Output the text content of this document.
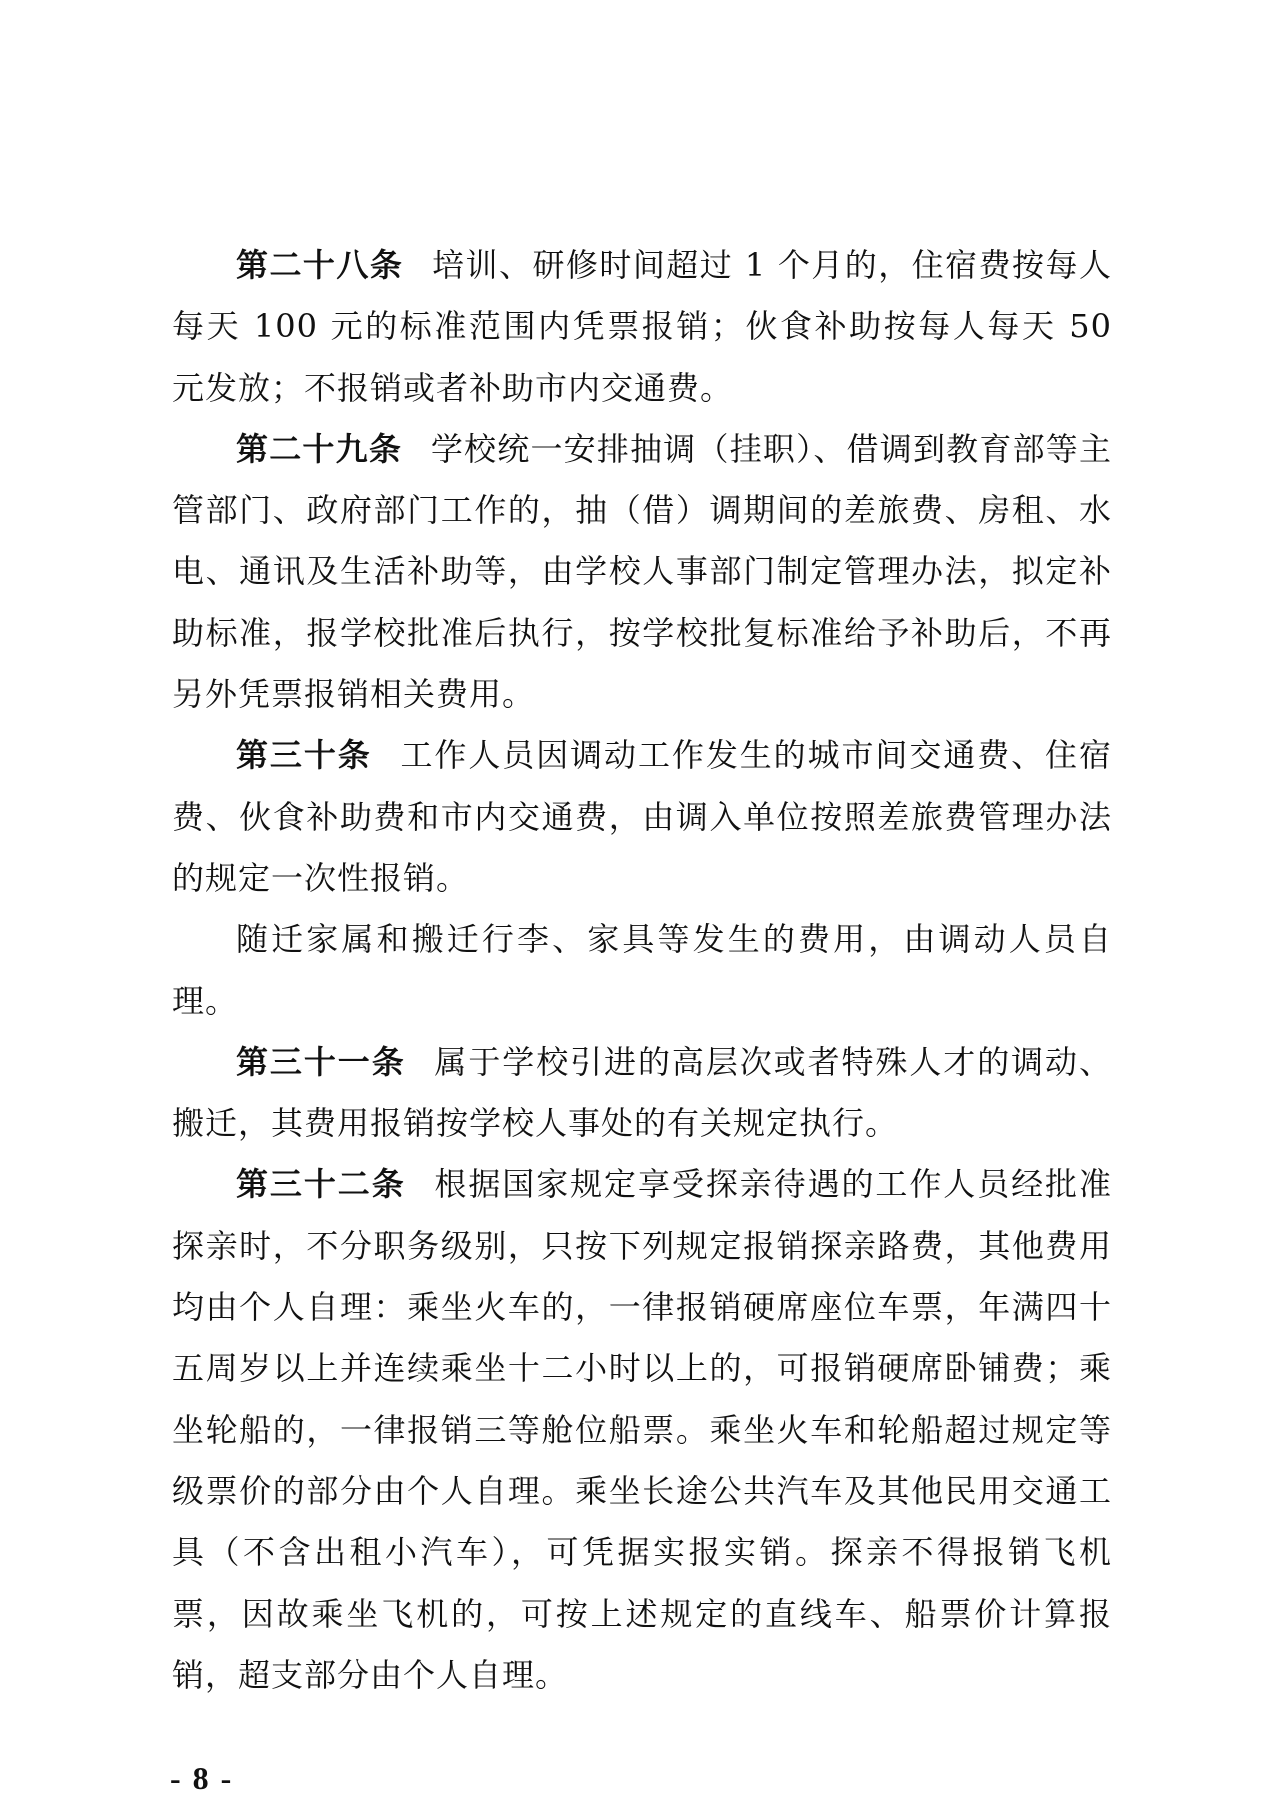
第二十八条 培训、研修时间超过 1 个月的，住宿费按每人每天 100 元的标准范围内凭票报销；伙食补助按每人每天 50 元发放；不报销或者补助市内交通费。

第二十九条 学校统一安排抽调（挂职）、借调到教育部等主管部门、政府部门工作的，抽（借）调期间的差旅费、房租、水电、通讯及生活补助等，由学校人事部门制定管理办法，拟定补助标准，报学校批准后执行，按学校批复标准给予补助后，不再另外凭票报销相关费用。

第三十条 工作人员因调动工作发生的城市间交通费、住宿费、伙食补助费和市内交通费，由调入单位按照差旅费管理办法的规定一次性报销。

随迁家属和搬迁行李、家具等发生的费用，由调动人员自理。

第三十一条 属于学校引进的高层次或者特殊人才的调动、搬迁，其费用报销按学校人事处的有关规定执行。

第三十二条 根据国家规定享受探亲待遇的工作人员经批准探亲时，不分职务级别，只按下列规定报销探亲路费，其他费用均由个人自理：乘坐火车的，一律报销硬席座位车票，年满四十五周岁以上并连续乘坐十二小时以上的，可报销硬席卧铺费；乘坐轮船的，一律报销三等舱位船票。乘坐火车和轮船超过规定等级票价的部分由个人自理。乘坐长途公共汽车及其他民用交通工具（不含出租小汽车），可凭据实报实销。探亲不得报销飞机票，因故乘坐飞机的，可按上述规定的直线车、船票价计算报销，超支部分由个人自理。

- 8 -
